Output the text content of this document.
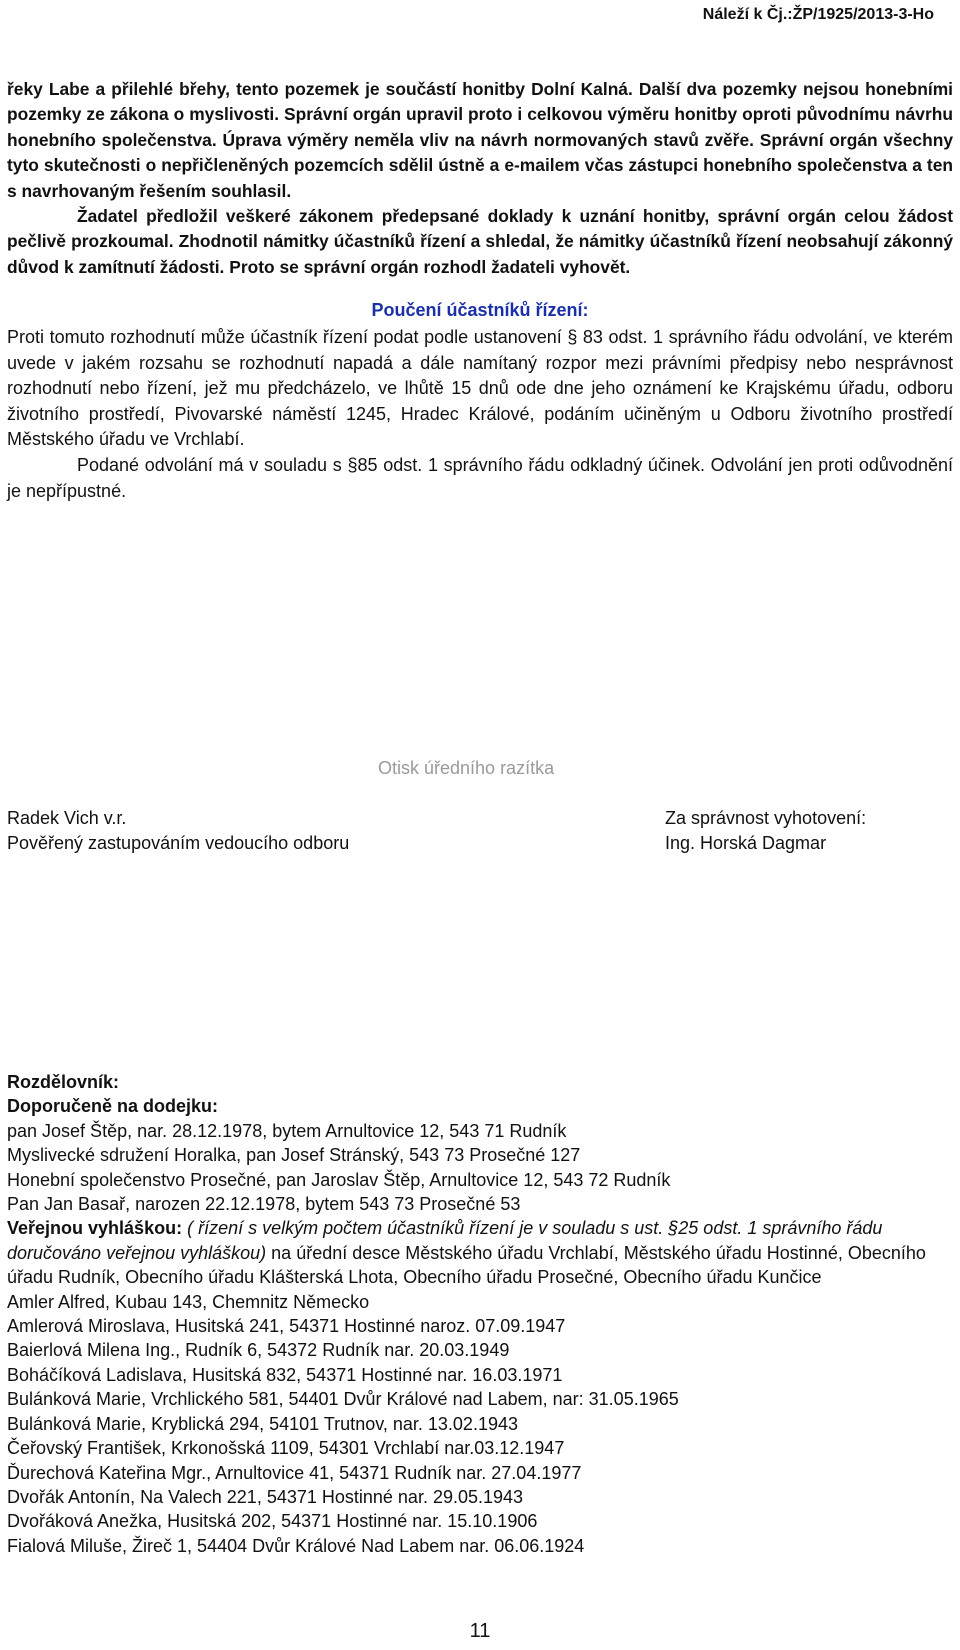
Náleží k Čj.:ŽP/1925/2013-3-Ho

řeky Labe a přilehlé břehy, tento pozemek je součástí honitby Dolní Kalná. Další dva pozemky nejsou honebními pozemky ze zákona o myslivosti. Správní orgán upravil proto i celkovou výměru honitby oproti původnímu návrhu honebního společenstva. Úprava výměry neměla vliv na návrh normovaných stavů zvěře. Správní orgán všechny tyto skutečnosti o nepřičleněných pozemcích sdělil ústně a e-mailem včas zástupci honebního společenstva a ten s navrhovaným řešením souhlasil.

Žadatel předložil veškeré zákonem předepsané doklady k uznání honitby, správní orgán celou žádost pečlivě prozkoumal. Zhodnotil námitky účastníků řízení a shledal, že námitky účastníků řízení neobsahují zákonný důvod k zamítnutí žádosti. Proto se správní orgán rozhodl žadateli vyhovět.

Poučení účastníků řízení:

Proti tomuto rozhodnutí může účastník řízení podat podle ustanovení § 83 odst. 1 správního řádu odvolání, ve kterém uvede v jakém rozsahu se rozhodnutí napadá a dále namítaný rozpor mezi právními předpisy nebo nesprávnost rozhodnutí nebo řízení, jež mu předcházelo, ve lhůtě 15 dnů ode dne jeho oznámení ke Krajskému úřadu, odboru životního prostředí, Pivovarské náměstí 1245, Hradec Králové, podáním učiněným u Odboru životního prostředí Městského úřadu ve Vrchlabí.

Podané odvolání má v souladu s §85 odst. 1 správního řádu odkladný účinek. Odvolání jen proti odůvodnění je nepřípustné.

Otisk úředního razítka
Radek Vich v.r.
Pověřený zastupováním vedoucího odboru
Za správnost vyhotovení:
Ing. Horská Dagmar
Rozdělovník:
Doporučeně na dodejku:
pan Josef Štěp, nar. 28.12.1978, bytem Arnultovice 12, 543 71 Rudník
Myslivecké sdružení Horalka, pan Josef Stránský, 543 73 Prosečné 127
Honební společenstvo Prosečné, pan Jaroslav Štěp, Arnultovice 12, 543 72 Rudník
Pan Jan Basař, narozen 22.12.1978, bytem 543 73 Prosečné 53
Veřejnou vyhláškou: ( řízení s velkým počtem účastníků řízení je v souladu s ust. §25 odst. 1 správního řádu doručováno veřejnou vyhláškou) na úřední desce Městského úřadu Vrchlabí, Městského úřadu Hostinné, Obecního úřadu Rudník, Obecního úřadu Klášterská Lhota, Obecního úřadu Prosečné, Obecního úřadu Kunčice
Amler Alfred, Kubau 143, Chemnitz Německo
Amlerová Miroslava, Husitská 241, 54371 Hostinné naroz. 07.09.1947
Baierlová Milena Ing., Rudník 6, 54372 Rudník nar. 20.03.1949
Boháčíková Ladislava, Husitská 832, 54371 Hostinné nar. 16.03.1971
Bulánková Marie, Vrchlického 581, 54401 Dvůr Králové nad Labem, nar: 31.05.1965
Bulánková Marie, Kryblická 294, 54101 Trutnov, nar. 13.02.1943
Čeřovský František, Krkonošská 1109, 54301 Vrchlabí nar.03.12.1947
Ďurechová Kateřina Mgr., Arnultovice 41, 54371 Rudník nar. 27.04.1977
Dvořák Antonín, Na Valech 221, 54371 Hostinné nar. 29.05.1943
Dvořáková Anežka, Husitská 202, 54371 Hostinné nar. 15.10.1906
Fialová Miluše, Žireč 1, 54404 Dvůr Králové Nad Labem nar. 06.06.1924
11
